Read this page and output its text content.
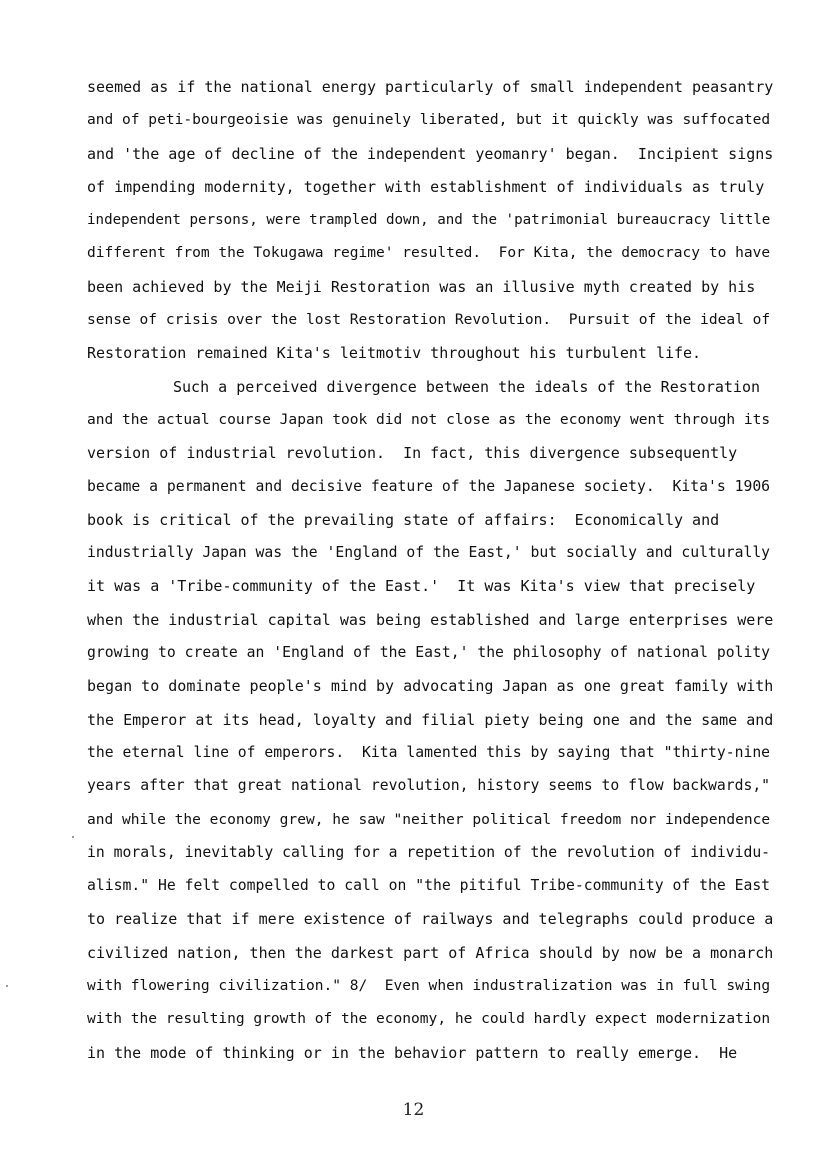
seemed as if the national energy particularly of small independent peasantry
and of peti-bourgeoisie was genuinely liberated, but it quickly was suffocated
and 'the age of decline of the independent yeomanry' began.  Incipient signs
of impending modernity, together with establishment of individuals as truly
independent persons, were trampled down, and the 'patrimonial bureaucracy little
different from the Tokugawa regime' resulted.  For Kita, the democracy to have
been achieved by the Meiji Restoration was an illusive myth created by his
sense of crisis over the lost Restoration Revolution.  Pursuit of the ideal of
Restoration remained Kita's leitmotiv throughout his turbulent life.
Such a perceived divergence between the ideals of the Restoration
and the actual course Japan took did not close as the economy went through its
version of industrial revolution.  In fact, this divergence subsequently
became a permanent and decisive feature of the Japanese society.  Kita's 1906
book is critical of the prevailing state of affairs:  Economically and
industrially Japan was the 'England of the East,' but socially and culturally
it was a 'Tribe-community of the East.'  It was Kita's view that precisely
when the industrial capital was being established and large enterprises were
growing to create an 'England of the East,' the philosophy of national polity
began to dominate people's mind by advocating Japan as one great family with
the Emperor at its head, loyalty and filial piety being one and the same and
the eternal line of emperors.  Kita lamented this by saying that "thirty-nine
years after that great national revolution, history seems to flow backwards,"
and while the economy grew, he saw "neither political freedom nor independence
in morals, inevitably calling for a repetition of the revolution of individu-
alism." He felt compelled to call on "the pitiful Tribe-community of the East
to realize that if mere existence of railways and telegraphs could produce a
civilized nation, then the darkest part of Africa should by now be a monarch
with flowering civilization." 8/  Even when industralization was in full swing
with the resulting growth of the economy, he could hardly expect modernization
in the mode of thinking or in the behavior pattern to really emerge.  He
12
